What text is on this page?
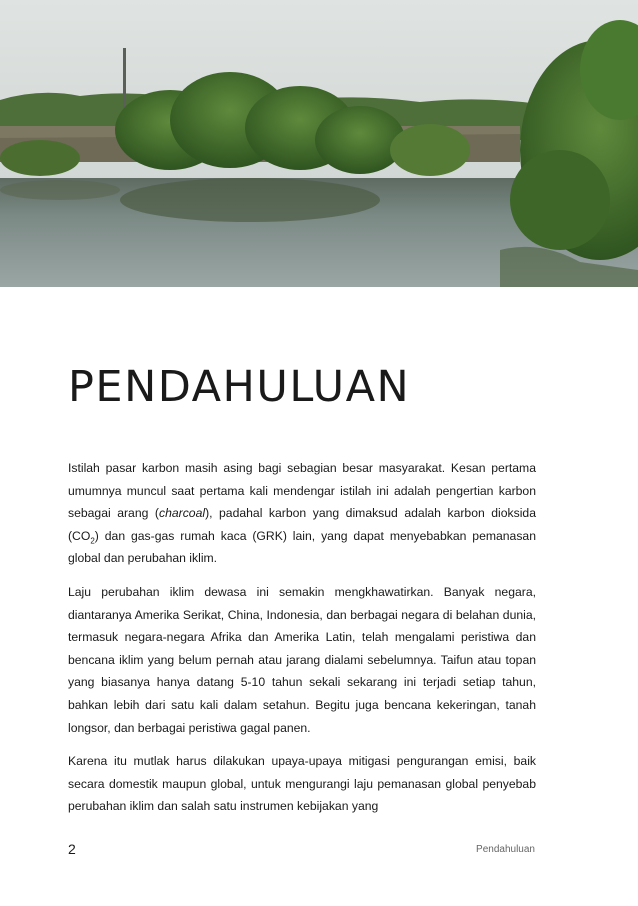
PENDAHULUAN

Istilah pasar karbon masih asing bagi sebagian besar masyarakat. Kesan pertama umumnya muncul saat pertama kali mendengar istilah ini adalah pengertian karbon sebagai arang (charcoal), padahal karbon yang dimaksud adalah karbon dioksida $(CO_2)$ dan gas-gas rumah kaca (GRK) lain, yang dapat menyebabkan pemanasan global dan perubahan iklim.

Laju perubahan iklim dewasa ini semakin mengkhawatirkan. Banyak negara, diantaranya Amerika Serikat, China, Indonesia, dan berbagai negara di belahan dunia, termasuk negara-negara Afrika dan Amerika Latin, telah mengalami peristiwa dan bencana iklim yang belum pernah atau jarang dialami sebelumnya. Taifun atau topan yang biasanya hanya datang 5-10 tahun sekali sekarang ini terjadi setiap tahun, bahkan lebih dari satu kali dalam setahun. Begitu juga bencana kekeringan, tanah longsor, dan berbagai peristiwa gagal panen.

Karena itu mutlak harus dilakukan upaya-upaya mitigasi pengurangan emisi, baik secara domestik maupun global, untuk mengurangi laju pemanasan global penyebab perubahan iklim dan salah satu instrumen kebijakan yang

2	Pendahuluan
